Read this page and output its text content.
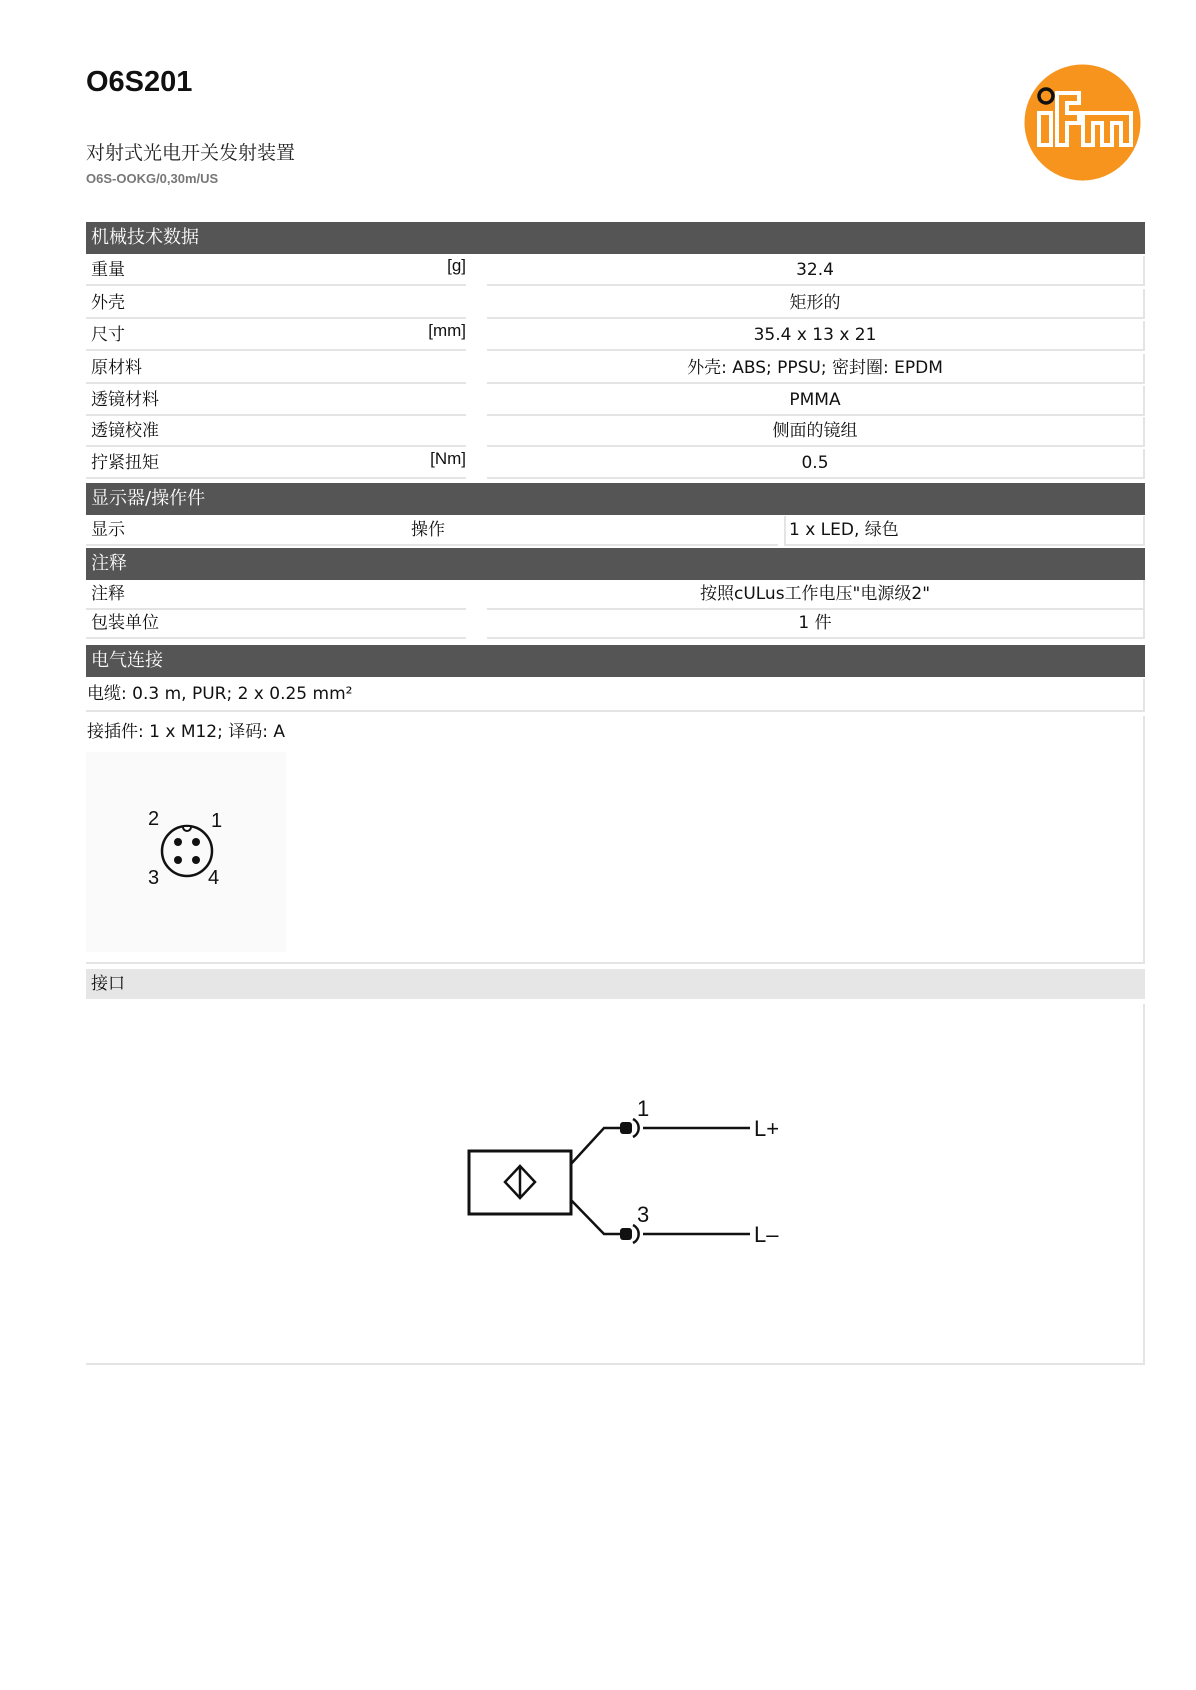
O6S201
对射式光电开关发射装置
O6S-OOKG/0,30m/US	ifm
机械技术数据
重量	[g]	32.4
外壳	矩形的
尺寸	[mm]	35.4 x 13 x 21
原材料	外壳: ABS; PPSU; 密封圈: EPDM
透镜材料	PMMA
透镜校准	侧面的镜组
拧紧扭矩	[Nm]	0.5
显示器/操作件
显示	操作	1 x LED, 绿色
注释
注释	按照cULus工作电压"电源级2"
包装单位	1 件
电气连接
电缆: 0.3 m, PUR; 2 x 0.25 mm²
接插件: 1 x M12; 译码: A
2	1
3 4
接口
1
3
L+
L–
